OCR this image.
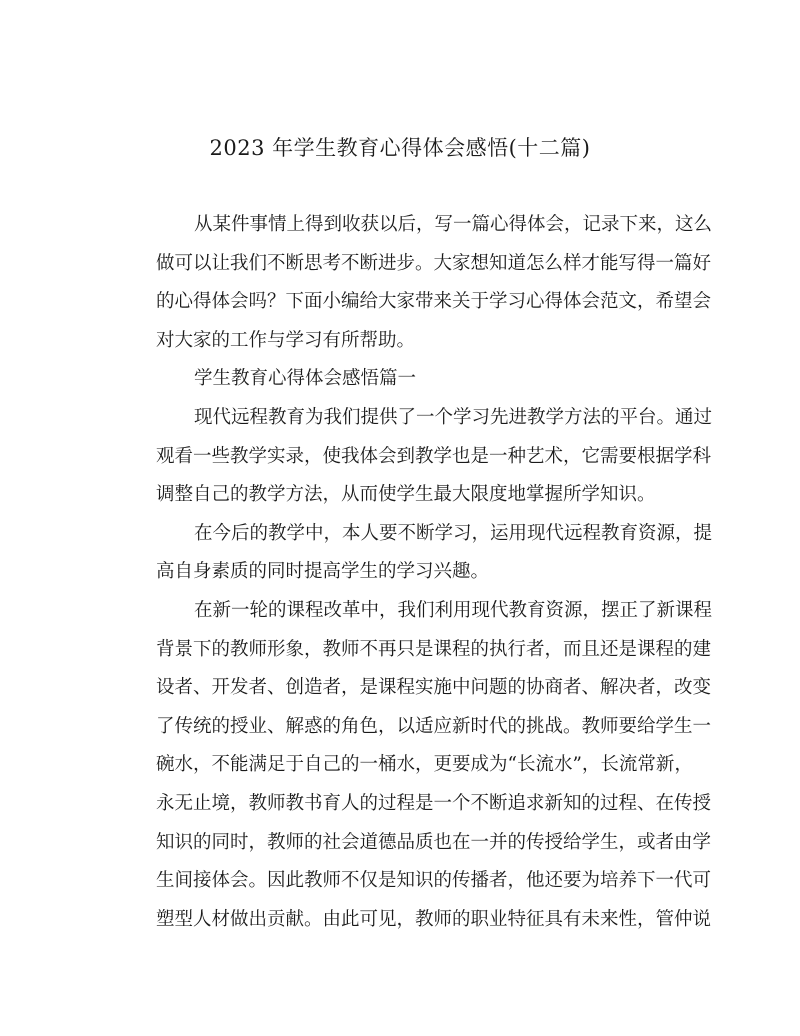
2023 年学生教育心得体会感悟(十二篇)
从某件事情上得到收获以后，写一篇心得体会，记录下来，这么
做可以让我们不断思考不断进步。大家想知道怎么样才能写得一篇好
的心得体会吗？下面小编给大家带来关于学习心得体会范文，希望会
对大家的工作与学习有所帮助。
学生教育心得体会感悟篇一
现代远程教育为我们提供了一个学习先进教学方法的平台。通过
观看一些教学实录，使我体会到教学也是一种艺术，它需要根据学科
调整自己的教学方法，从而使学生最大限度地掌握所学知识。
在今后的教学中，本人要不断学习，运用现代远程教育资源，提
高自身素质的同时提高学生的学习兴趣。
在新一轮的课程改革中，我们利用现代教育资源，摆正了新课程
背景下的教师形象，教师不再只是课程的执行者，而且还是课程的建
设者、开发者、创造者，是课程实施中问题的协商者、解决者，改变
了传统的授业、解惑的角色，以适应新时代的挑战。教师要给学生一
碗水，不能满足于自己的一桶水，更要成为“长流水”，长流常新，
永无止境，教师教书育人的过程是一个不断追求新知的过程、在传授
知识的同时，教师的社会道德品质也在一并的传授给学生，或者由学
生间接体会。因此教师不仅是知识的传播者，他还要为培养下一代可
塑型人材做出贡献。由此可见，教师的职业特征具有未来性，管仲说
